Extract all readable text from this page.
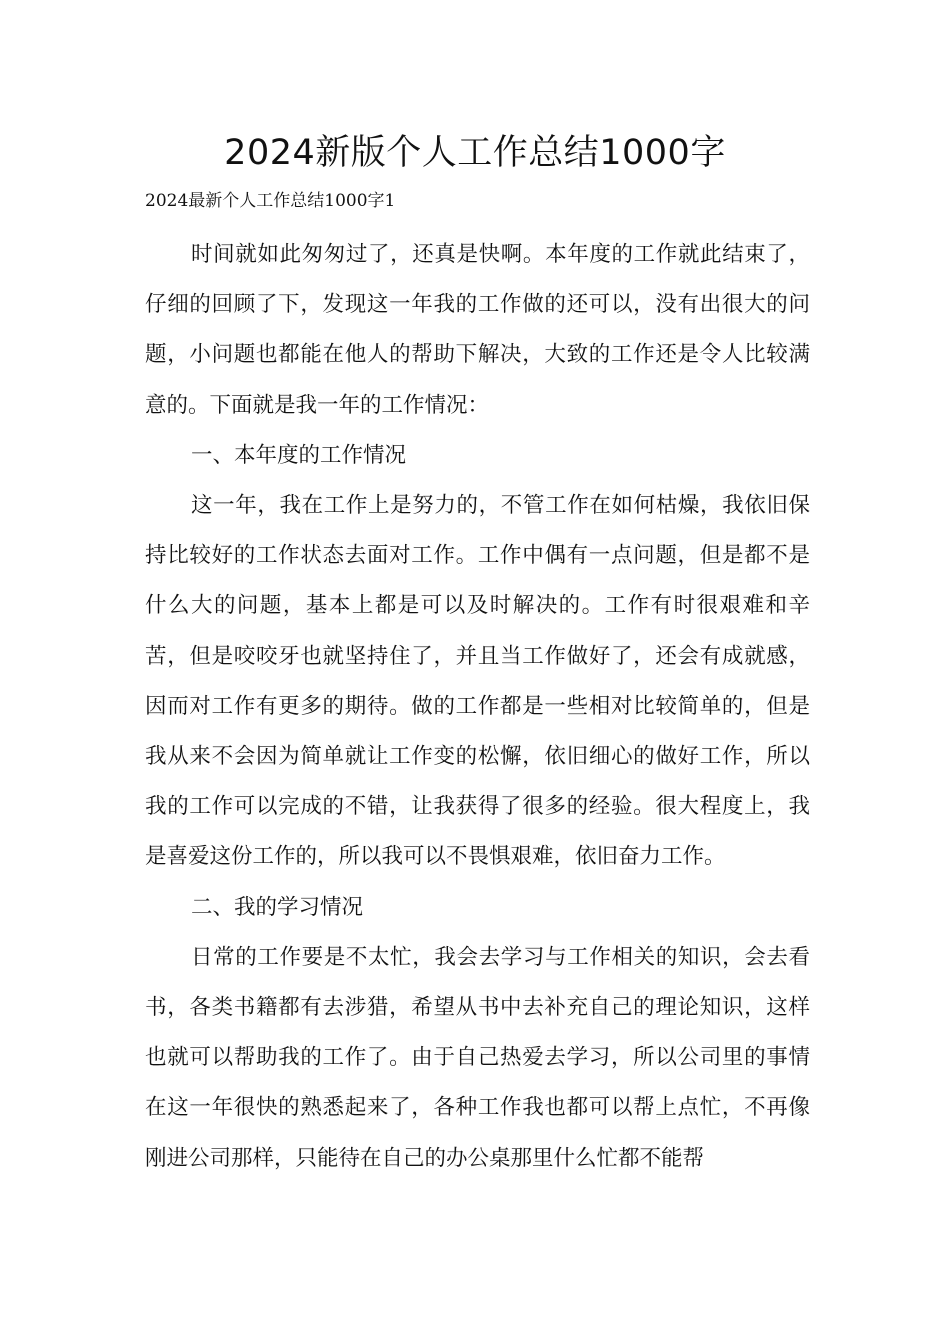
2024新版个人工作总结1000字

2024最新个人工作总结1000字1

时间就如此匆匆过了，还真是快啊。本年度的工作就此结束了，仔细的回顾了下，发现这一年我的工作做的还可以，没有出很大的问题，小问题也都能在他人的帮助下解决，大致的工作还是令人比较满意的。下面就是我一年的工作情况：

一、本年度的工作情况

这一年，我在工作上是努力的，不管工作在如何枯燥，我依旧保持比较好的工作状态去面对工作。工作中偶有一点问题，但是都不是什么大的问题，基本上都是可以及时解决的。工作有时很艰难和辛苦，但是咬咬牙也就坚持住了，并且当工作做好了，还会有成就感，因而对工作有更多的期待。做的工作都是一些相对比较简单的，但是我从来不会因为简单就让工作变的松懈，依旧细心的做好工作，所以我的工作可以完成的不错，让我获得了很多的经验。很大程度上，我是喜爱这份工作的，所以我可以不畏惧艰难，依旧奋力工作。

二、我的学习情况

日常的工作要是不太忙，我会去学习与工作相关的知识，会去看书，各类书籍都有去涉猎，希望从书中去补充自己的理论知识，这样也就可以帮助我的工作了。由于自己热爱去学习，所以公司里的事情在这一年很快的熟悉起来了，各种工作我也都可以帮上点忙，不再像刚进公司那样，只能待在自己的办公桌那里什么忙都不能帮
